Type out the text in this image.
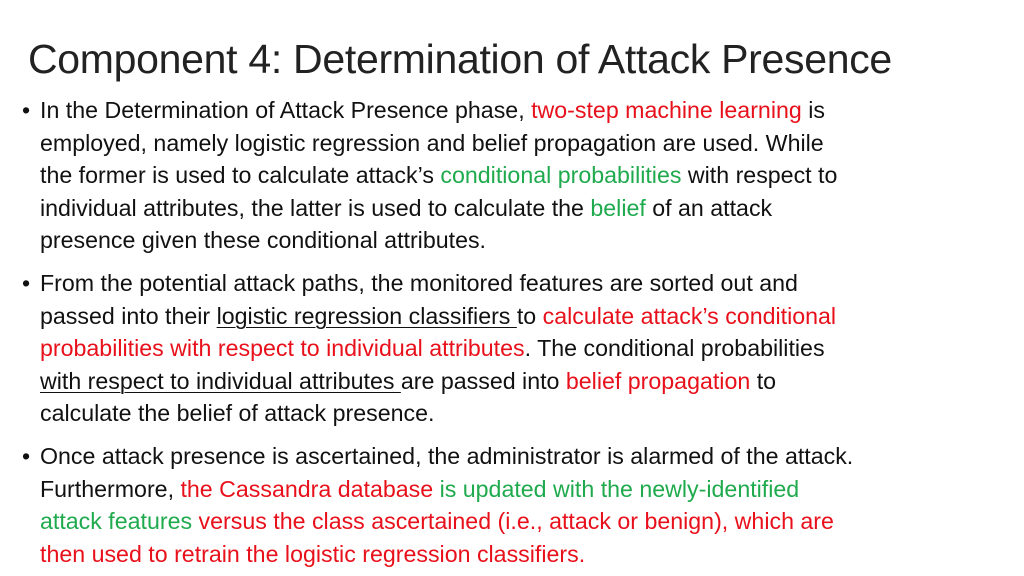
Component 4: Determination of Attack Presence
• In the Determination of Attack Presence phase, two-step machine learning is
employed, namely logistic regression and belief propagation are used. While
the former is used to calculate attack’s conditional probabilities with respect to
individual attributes, the latter is used to calculate the belief of an attack
presence given these conditional attributes.
• From the potential attack paths, the monitored features are sorted out and
passed into their logistic regression classifiers to calculate attack’s conditional
probabilities with respect to individual attributes. The conditional probabilities
with respect to individual attributes are passed into belief propagation to
calculate the belief of attack presence.
• Once attack presence is ascertained, the administrator is alarmed of the attack.
Furthermore, the Cassandra database is updated with the newly-identified
attack features versus the class ascertained (i.e., attack or benign), which are
then used to retrain the logistic regression classifiers.
